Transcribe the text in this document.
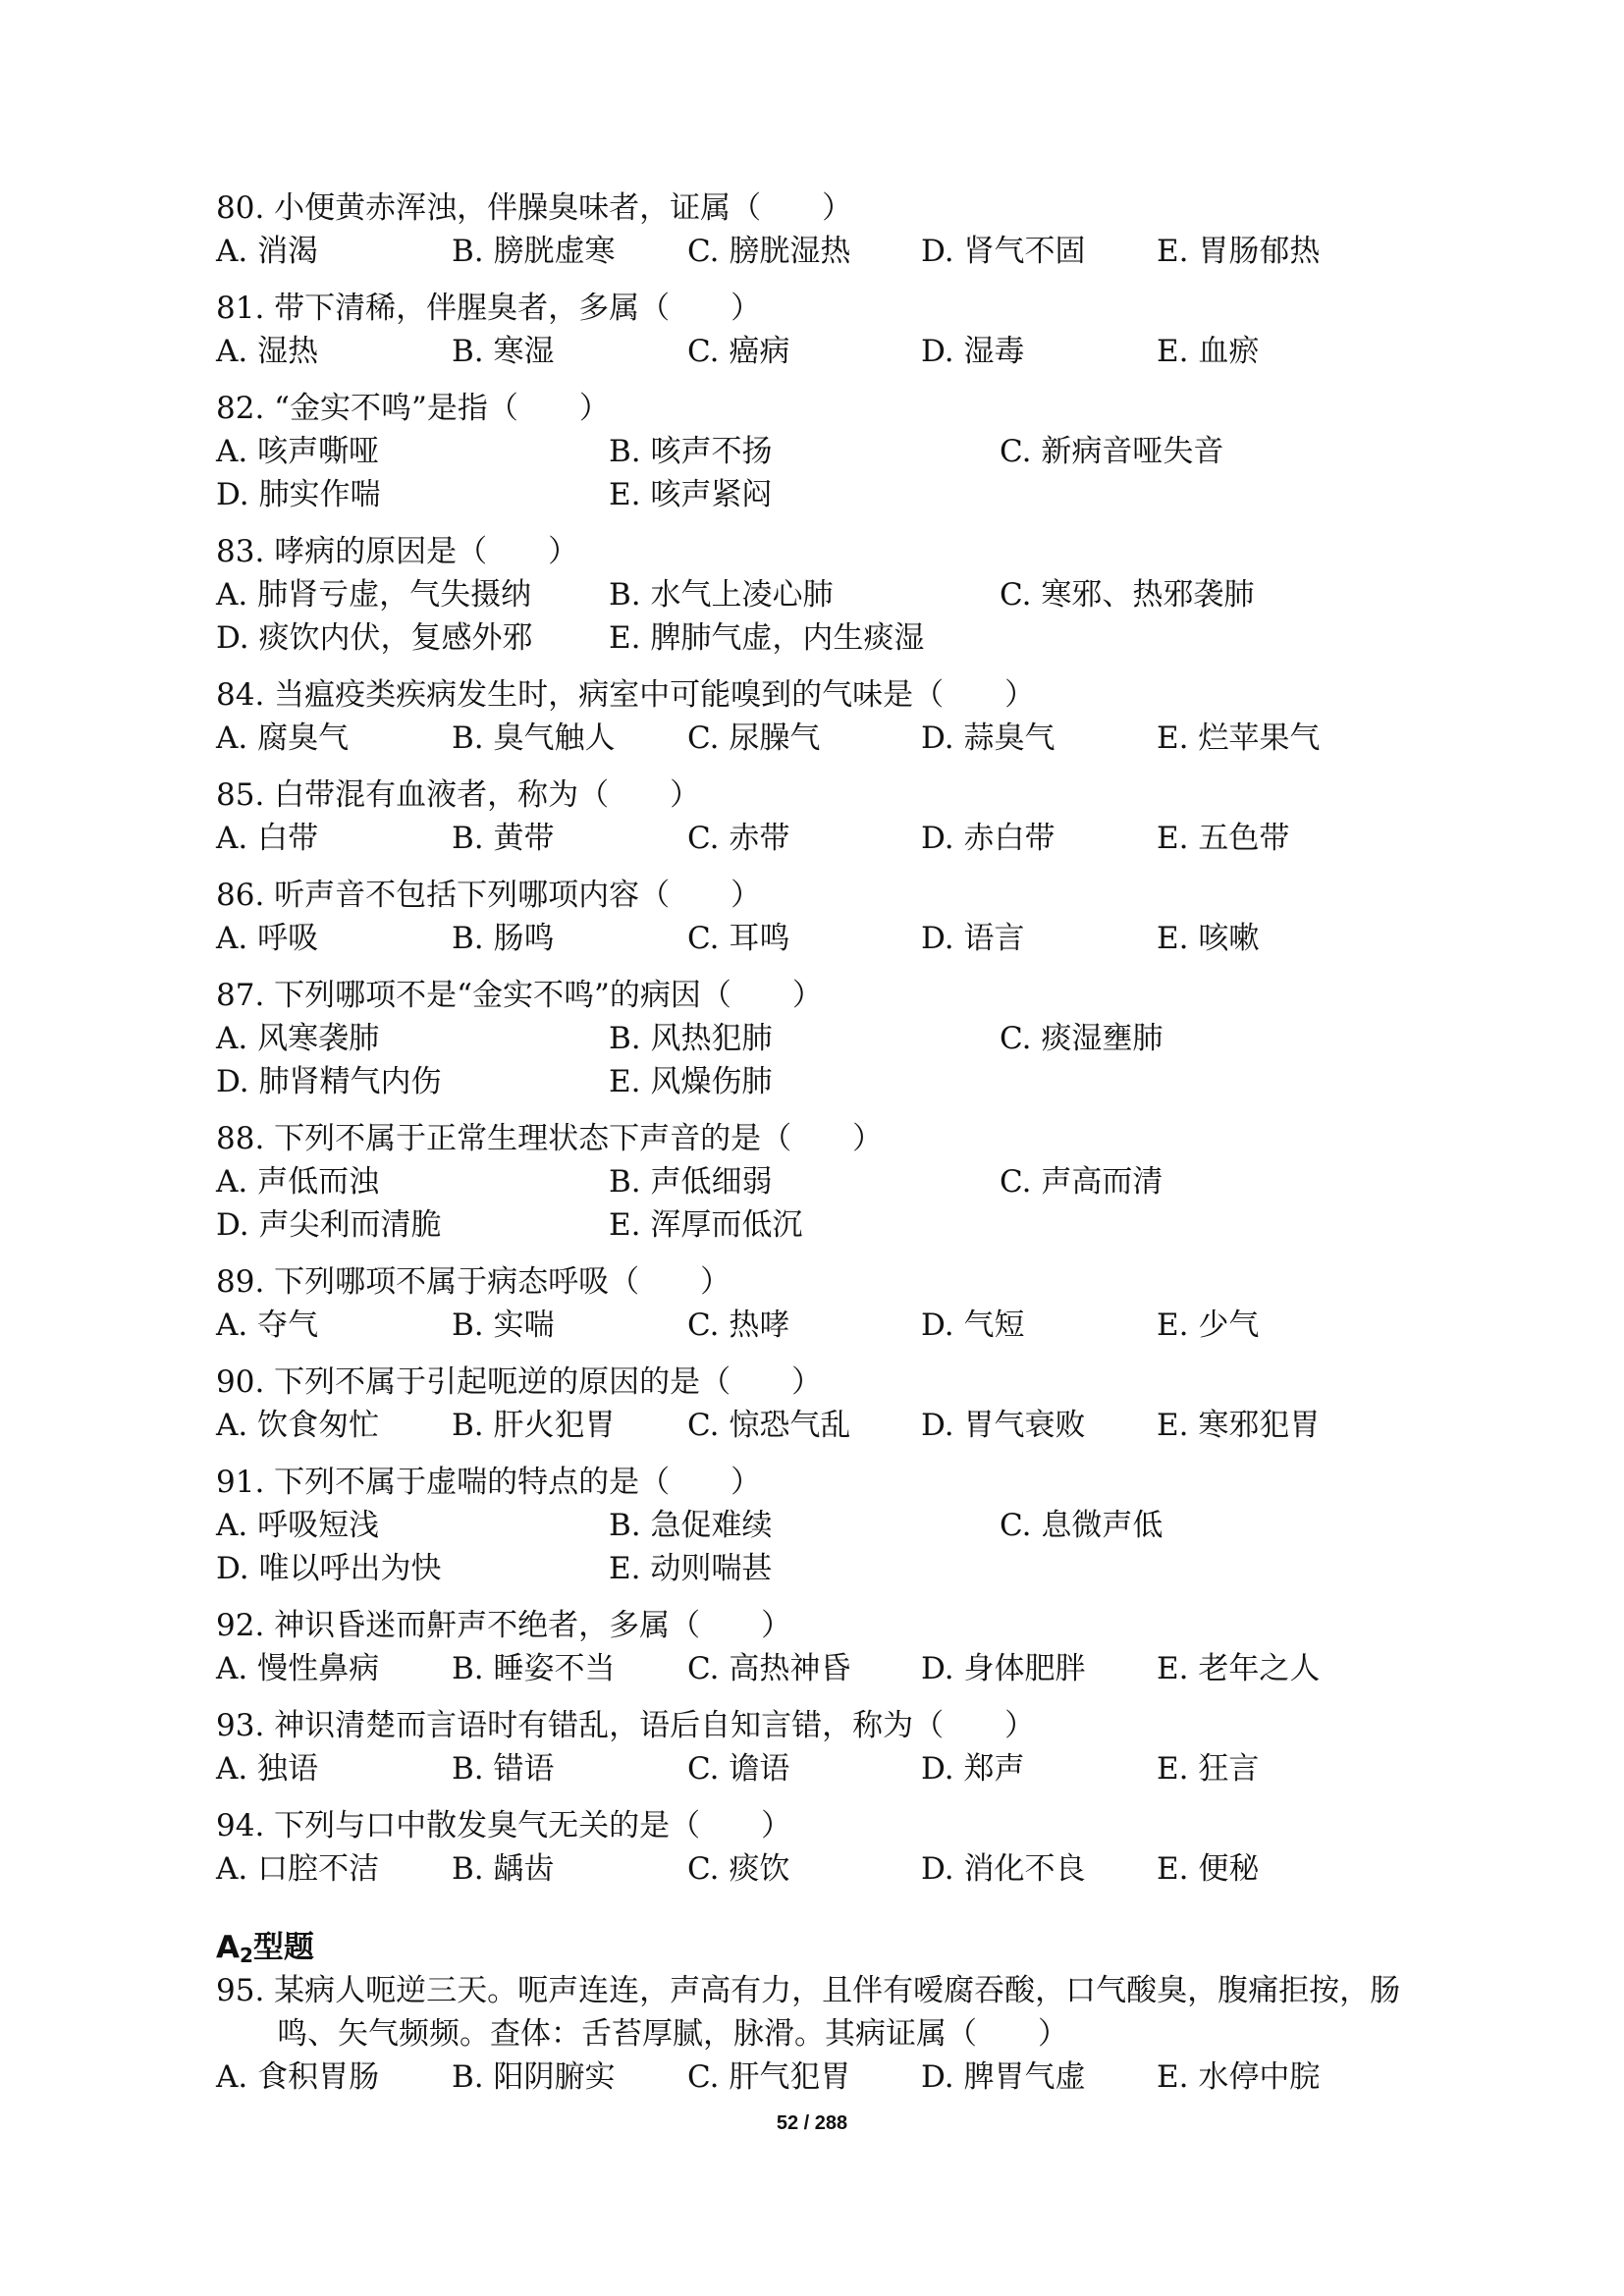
80. 小便黄赤浑浊，伴臊臭味者，证属（　　）
A. 消渴	B. 膀胱虚寒 C. 膀胱湿热 D. 肾气不固 E. 胃肠郁热
81. 带下清稀，伴腥臭者，多属（　　）
A. 湿热	B. 寒湿	C. 癌病	D. 湿毒	E. 血瘀
82. “金实不鸣”是指（　　）
A. 咳声嘶哑	B. 咳声不扬	C. 新病音哑失音
D. 肺实作喘	E. 咳声紧闷
83. 哮病的原因是（　　）
A. 肺肾亏虚，气失摄纳	B. 水气上凌心肺	C. 寒邪、热邪袭肺
D. 痰饮内伏，复感外邪	E. 脾肺气虚，内生痰湿
84. 当瘟疫类疾病发生时，病室中可能嗅到的气味是（　　）
A. 腐臭气	B. 臭气触人 C. 尿臊气	D. 蒜臭气	E. 烂苹果气
85. 白带混有血液者，称为（　　）
A. 白带	B. 黄带	C. 赤带	D. 赤白带	E. 五色带
86. 听声音不包括下列哪项内容（　　）
A. 呼吸	B. 肠鸣	C. 耳鸣	D. 语言	E. 咳嗽
87. 下列哪项不是“金实不鸣”的病因（　　）
A. 风寒袭肺	B. 风热犯肺	C. 痰湿壅肺
D. 肺肾精气内伤	E. 风燥伤肺
88. 下列不属于正常生理状态下声音的是（　　）
A. 声低而浊	B. 声低细弱	C. 声高而清
D. 声尖利而清脆	E. 浑厚而低沉
89. 下列哪项不属于病态呼吸（　　）
A. 夺气	B. 实喘	C. 热哮	D. 气短	E. 少气
90. 下列不属于引起呃逆的原因的是（　　）
A. 饮食匆忙 B. 肝火犯胃 C. 惊恐气乱 D. 胃气衰败 E. 寒邪犯胃
91. 下列不属于虚喘的特点的是（　　）
A. 呼吸短浅	B. 急促难续	C. 息微声低
D. 唯以呼出为快	E. 动则喘甚
92. 神识昏迷而鼾声不绝者，多属（　　）
A. 慢性鼻病 B. 睡姿不当 C. 高热神昏 D. 身体肥胖 E. 老年之人
93. 神识清楚而言语时有错乱，语后自知言错，称为（　　）
A. 独语	B. 错语	C. 谵语	D. 郑声	E. 狂言
94. 下列与口中散发臭气无关的是（　　）
A. 口腔不洁 B. 龋齿	C. 痰饮	D. 消化不良 E. 便秘
$A_2$型题
95. 某病人呃逆三天。呃声连连，声高有力，且伴有嗳腐吞酸，口气酸臭，腹痛拒按，肠鸣、矢气频频。查体：舌苔厚腻，脉滑。其病证属（　　）
A. 食积胃肠 B. 阳阴腑实 C. 肝气犯胃 D. 脾胃气虚 E. 水停中脘
52 / 288
